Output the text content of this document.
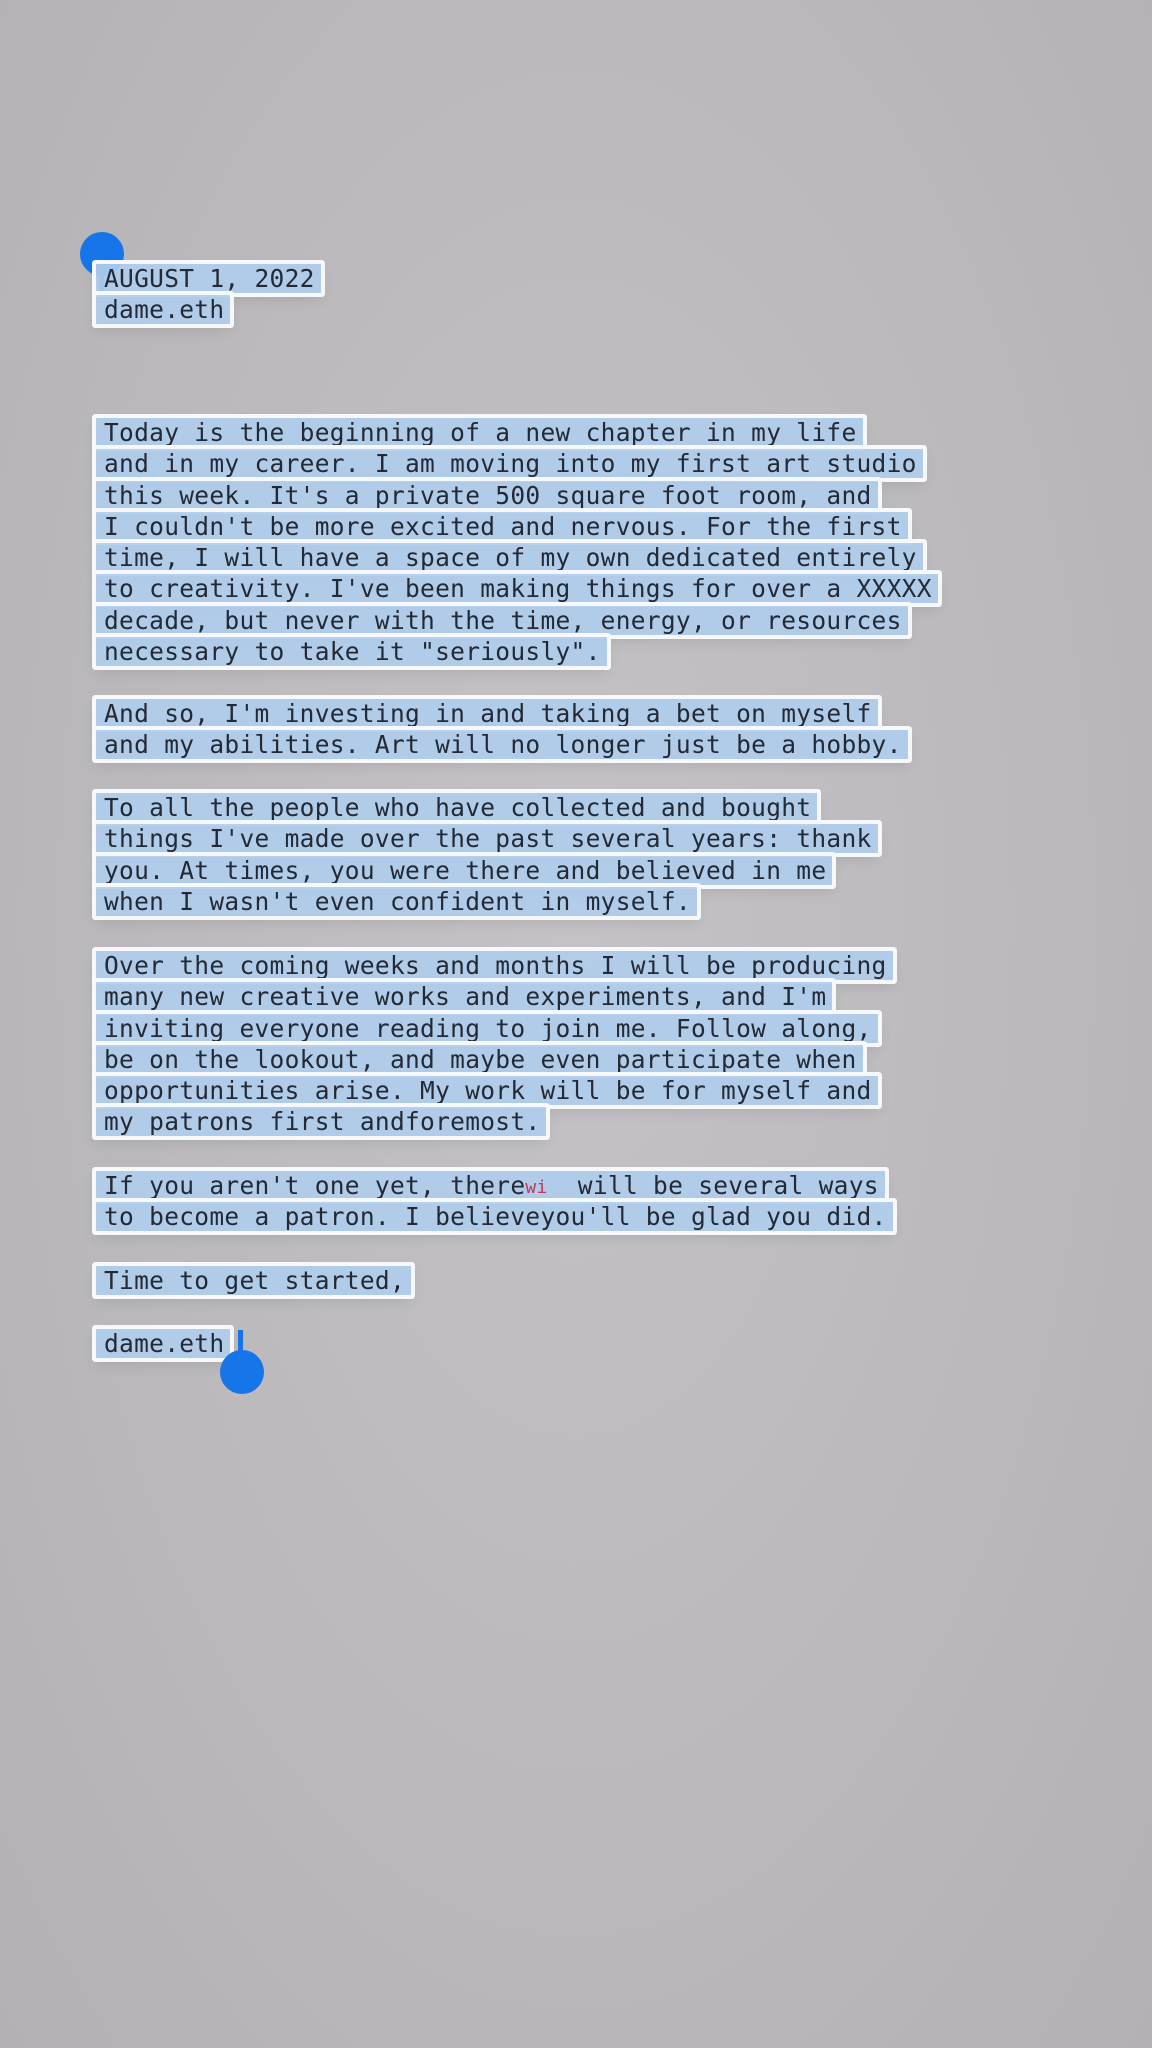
AUGUST 1, 2022
dame.eth
Today is the beginning of a new chapter in my life
and in my career. I am moving into my first art studio
this week. It's a private 500 square foot room, and
I couldn't be more excited and nervous. For the first
time, I will have a space of my own dedicated entirely
to creativity. I've been making things for over a XXXXX
decade, but never with the time, energy, or resources
necessary to take it "seriously".
And so, I'm investing in and taking a bet on myself
and my abilities. Art will no longer just be a hobby.
To all the people who have collected and bought
things I've made over the past several years: thank
you. At times, you were there and believed in me
when I wasn't even confident in myself.
Over the coming weeks and months I will be producing
many new creative works and experiments, and I'm
inviting everyone reading to join me. Follow along,
be on the lookout, and maybe even participate when
opportunities arise. My work will be for myself and
my patrons first andforemost.
If you aren't one yet, therewi  will be several ways
to become a patron. I believeyou'll be glad you did.
Time to get started,
dame.eth
